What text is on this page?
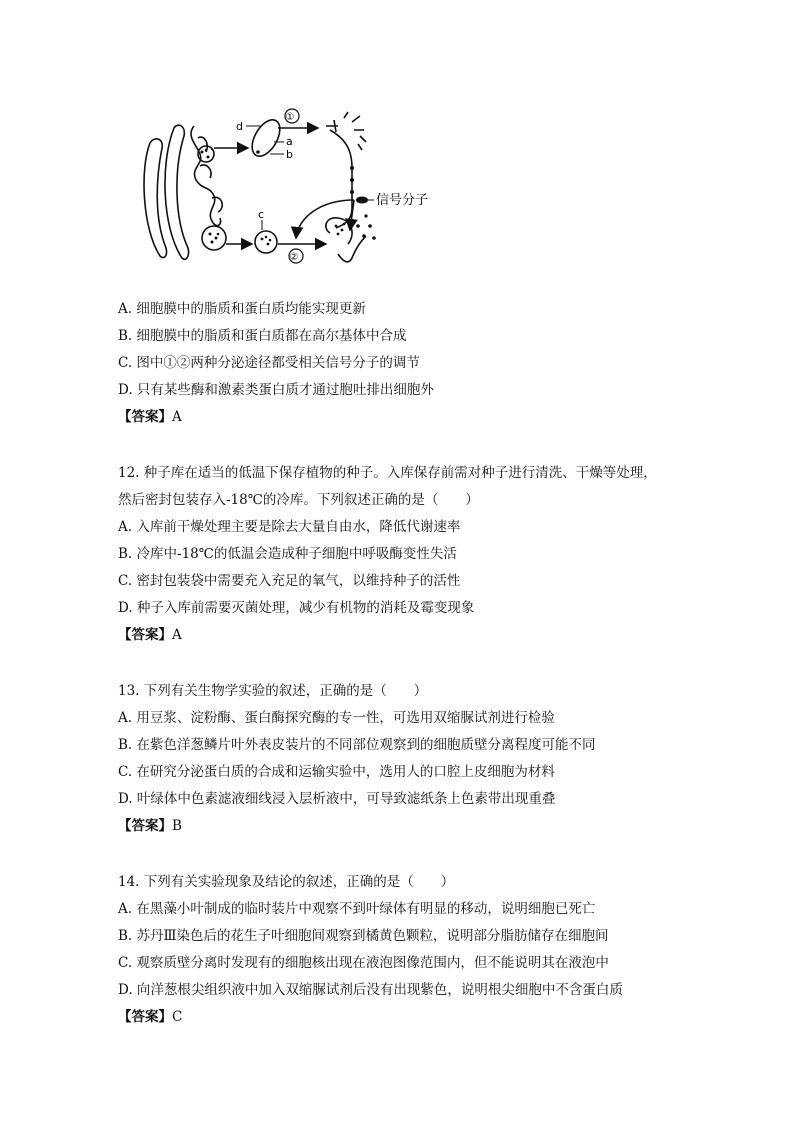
d
a
b
c
①
②
信号分子
A. 细胞膜中的脂质和蛋白质均能实现更新
B. 细胞膜中的脂质和蛋白质都在高尔基体中合成
C. 图中①②两种分泌途径都受相关信号分子的调节
D. 只有某些酶和激素类蛋白质才通过胞吐排出细胞外
【答案】A
12. 种子库在适当的低温下保存植物的种子。入库保存前需对种子进行清洗、干燥等处理，
然后密封包装存入-18℃的冷库。下列叙述正确的是（　　）
A. 入库前干燥处理主要是除去大量自由水，降低代谢速率
B. 冷库中-18℃的低温会造成种子细胞中呼吸酶变性失活
C. 密封包装袋中需要充入充足的氧气，以维持种子的活性
D. 种子入库前需要灭菌处理，减少有机物的消耗及霉变现象
【答案】A
13. 下列有关生物学实验的叙述，正确的是（　　）
A. 用豆浆、淀粉酶、蛋白酶探究酶的专一性，可选用双缩脲试剂进行检验
B. 在紫色洋葱鳞片叶外表皮装片的不同部位观察到的细胞质壁分离程度可能不同
C. 在研究分泌蛋白质的合成和运输实验中，选用人的口腔上皮细胞为材料
D. 叶绿体中色素滤液细线浸入层析液中，可导致滤纸条上色素带出现重叠
【答案】B
14. 下列有关实验现象及结论的叙述，正确的是（　　）
A. 在黑藻小叶制成的临时装片中观察不到叶绿体有明显的移动，说明细胞已死亡
B. 苏丹Ⅲ染色后的花生子叶细胞间观察到橘黄色颗粒，说明部分脂肪储存在细胞间
C. 观察质壁分离时发现有的细胞核出现在液泡图像范围内，但不能说明其在液泡中
D. 向洋葱根尖组织液中加入双缩脲试剂后没有出现紫色，说明根尖细胞中不含蛋白质
【答案】C
